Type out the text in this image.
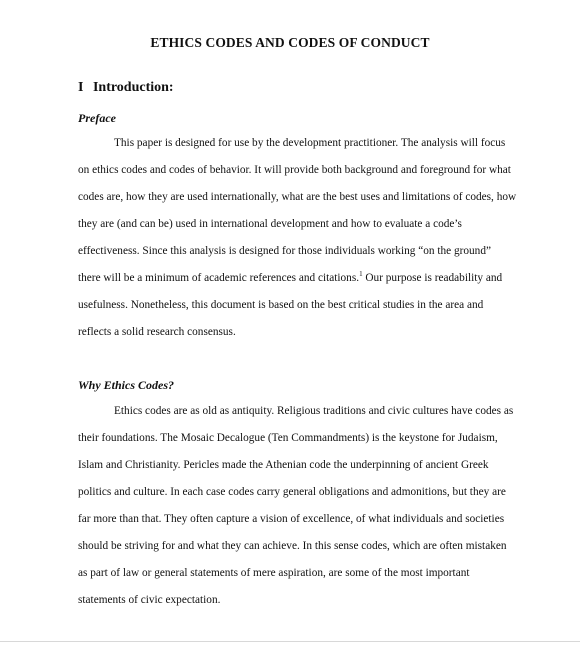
ETHICS CODES AND CODES OF CONDUCT
I Introduction:
Preface
This paper is designed for use by the development practitioner. The analysis will focus
on ethics codes and codes of behavior. It will provide both background and foreground for what
codes are, how they are used internationally, what are the best uses and limitations of codes, how
they are (and can be) used in international development and how to evaluate a code’s
effectiveness. Since this analysis is designed for those individuals working “on the ground”
there will be a minimum of academic references and citations.$^1$ Our purpose is readability and
usefulness. Nonetheless, this document is based on the best critical studies in the area and
reflects a solid research consensus.
Why Ethics Codes?
Ethics codes are as old as antiquity. Religious traditions and civic cultures have codes as
their foundations. The Mosaic Decalogue (Ten Commandments) is the keystone for Judaism,
Islam and Christianity. Pericles made the Athenian code the underpinning of ancient Greek
politics and culture. In each case codes carry general obligations and admonitions, but they are
far more than that. They often capture a vision of excellence, of what individuals and societies
should be striving for and what they can achieve. In this sense codes, which are often mistaken
as part of law or general statements of mere aspiration, are some of the most important
statements of civic expectation.
